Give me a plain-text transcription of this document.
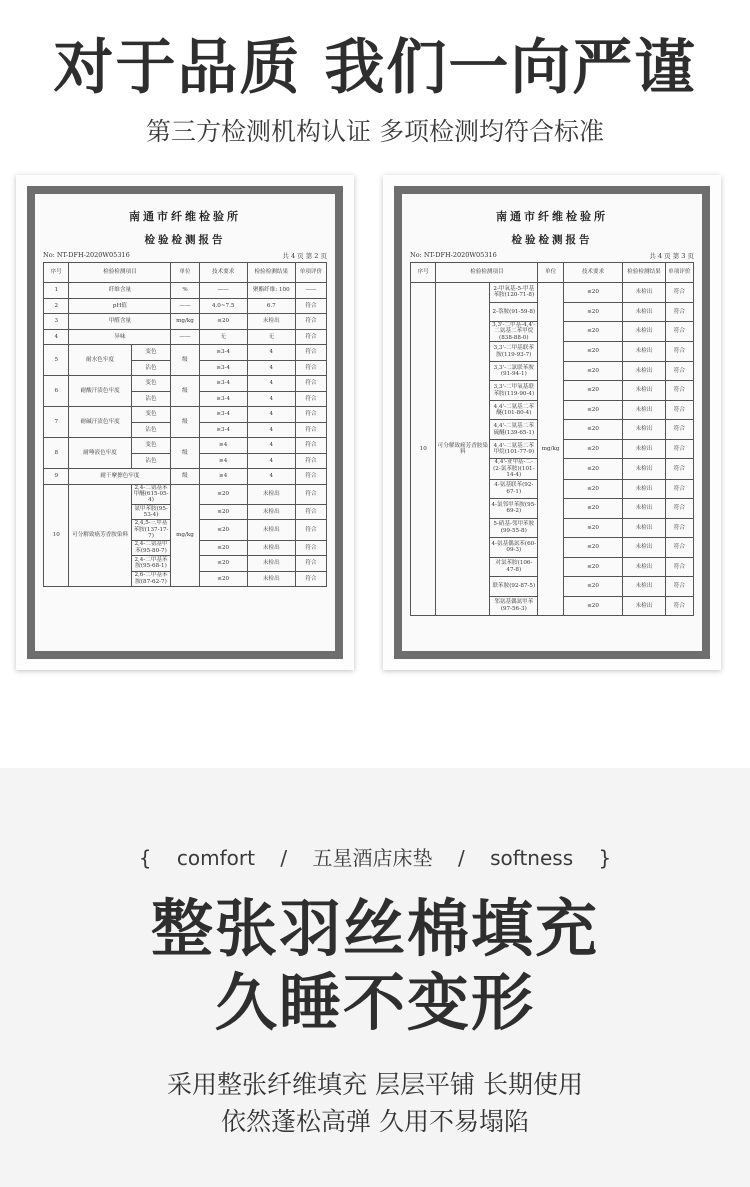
对于品质 我们一向严谨
第三方检测机构认证 多项检测均符合标准
南通市纤维检验所
检验检测报告
No: NT-DFH-2020W05316	共 4 页 第 2 页
序号	检验检测项目		单位	技术要求	检验检测结果	单项评价
1	纤维含量		%	——	聚酯纤维: 100	——
2	pH值		——	4.0~7.5	6.7	符合
3	甲醛含量		mg/kg	≤20	未检出	符合
4	异味		——	无	无	符合
5	耐水色牢度	变色	级	≥3-4	4	符合
		沾色		≥3-4	4	符合
6	耐酸汗渍色牢度	变色	级	≥3-4	4	符合
		沾色		≥3-4	4	符合
7	耐碱汗渍色牢度	变色	级	≥3-4	4	符合
		沾色		≥3-4	4	符合
8	耐唾液色牢度	变色	级	≥4	4	符合
		沾色		≥4	4	符合
9	耐干摩擦色牢度		级	≥4	4	符合
10	可分解致癌芳香胺染料	2,4-二氨基苯甲醚(615-05-4)	mg/kg	≤20	未检出	符合
		氨甲苯胺(95-53-4)		≤20	未检出	符合
		2,4,5-三甲基苯胺(137-17-7)		≤20	未检出	符合
		2,4-二氨基甲苯(95-80-7)		≤20	未检出	符合
		2,4-二甲基苯胺(95-68-1)		≤20	未检出	符合
		2,6-二甲基苯胺(87-62-7)		≤20	未检出	符合
南通市纤维检验所
检验检测报告
No: NT-DFH-2020W05316	共 4 页 第 3 页
序号	检验检测项目		单位	技术要求	检验检测结果	单项评价
10	可分解致癌芳香胺染料	2-甲氧基-5-甲基苯胺(120-71-8)	mg/kg	≤20	未检出	符合
		2-萘胺(91-59-8)		≤20	未检出	符合
		3,3'-二甲基-4,4'-二氨基二苯甲烷(838-88-0)		≤20	未检出	符合
		3,3'-二甲基联苯胺(119-93-7)		≤20	未检出	符合
		3,3'-二氯联苯胺(91-94-1)		≤20	未检出	符合
		3,3'-二甲氧基联苯胺(119-90-4)		≤20	未检出	符合
		4,4'-二氨基二苯醚(101-80-4)		≤20	未检出	符合
		4,4'-二氨基二苯硫醚(139-65-1)		≤20	未检出	符合
		4,4'-二氨基二苯甲烷(101-77-9)		≤20	未检出	符合
		4,4'-亚甲基-二-(2-氯苯胺)(101-14-4)		≤20	未检出	符合
		4-氨基联苯(92-67-1)		≤20	未检出	符合
		4-氯邻甲苯胺(95-69-2)		≤20	未检出	符合
		5-硝基-邻甲苯胺(99-55-8)		≤20	未检出	符合
		4-氨基偶氮苯(60-09-3)		≤20	未检出	符合
		对氯苯胺(106-47-8)		≤20	未检出	符合
		联苯胺(92-87-5)		≤20	未检出	符合
		邻氨基偶氮甲苯(97-56-3)		≤20	未检出	符合
{    comfort    /    五星酒店床垫    /    softness    }
整张羽丝棉填充
久睡不变形
采用整张纤维填充 层层平铺 长期使用
依然蓬松高弹 久用不易塌陷
